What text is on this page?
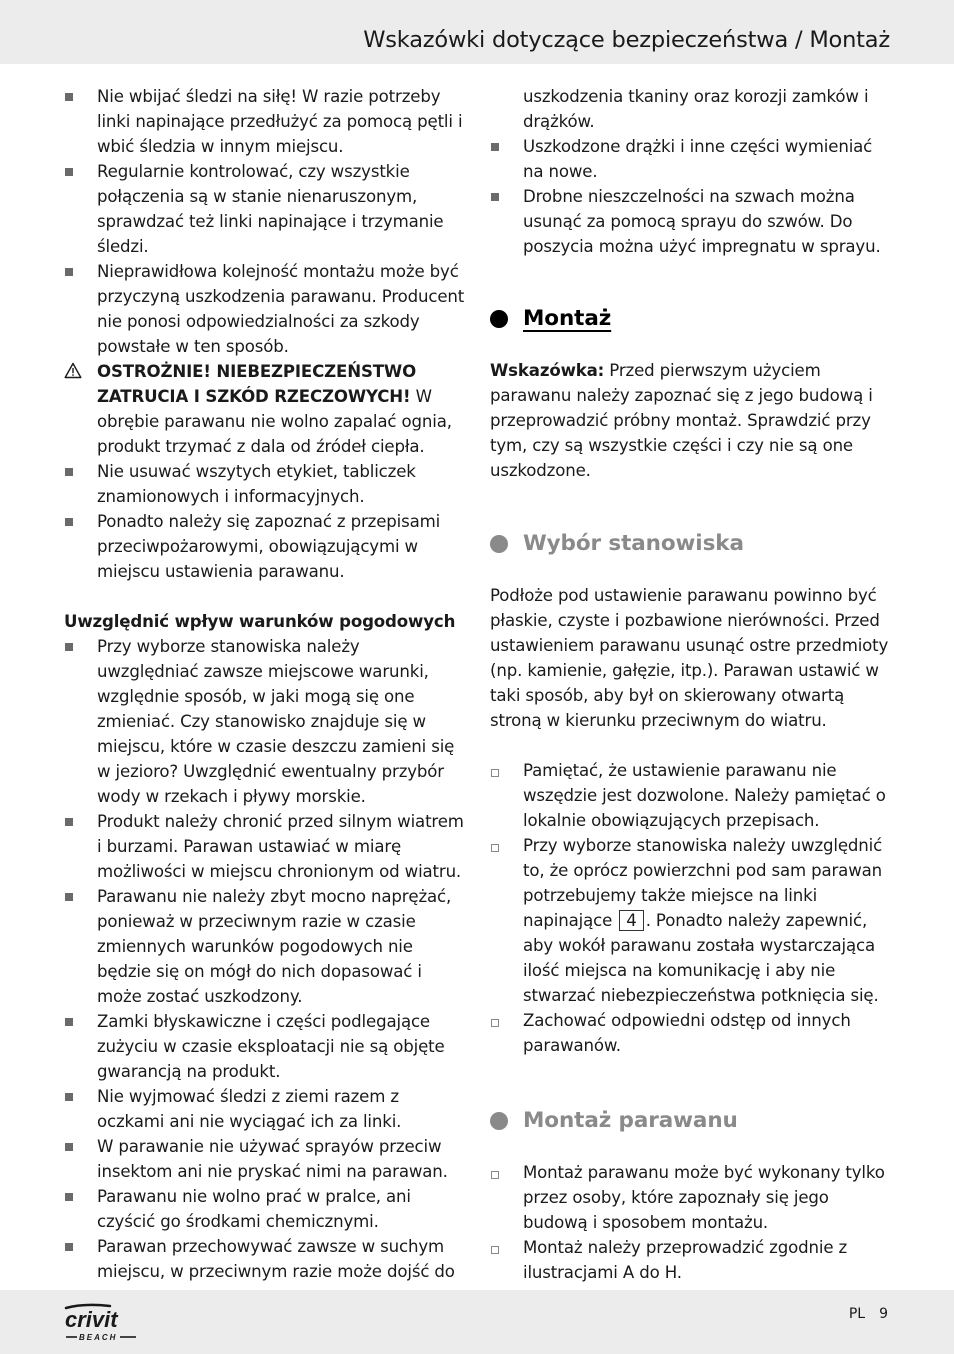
Wskazówki dotyczące bezpieczeństwa / Montaż
Nie wbijać śledzi na siłę! W razie potrzeby linki napinające przedłużyć za pomocą pętli i wbić śledzia w innym miejscu.
Regularnie kontrolować, czy wszystkie połączenia są w stanie nienaruszonym, sprawdzać też linki napinające i trzymanie śledzi.
Nieprawidłowa kolejność montażu może być przyczyną uszkodzenia parawanu. Producent nie ponosi odpowiedzialności za szkody powstałe w ten sposób.
OSTROŻNIE! NIEBEZPIECZEŃSTWO ZATRUCIA I SZKÓD RZECZOWYCH! W obrębie parawanu nie wolno zapalać ognia, produkt trzymać z dala od źródeł ciepła.
Nie usuwać wszytych etykiet, tabliczek znamionowych i informacyjnych.
Ponadto należy się zapoznać z przepisami przeciwpożarowymi, obowiązującymi w miejscu ustawienia parawanu.
Uwzględnić wpływ warunków pogodowych
Przy wyborze stanowiska należy uwzględniać zawsze miejscowe warunki, względnie sposób, w jaki mogą się one zmieniać. Czy stanowisko znajduje się w miejscu, które w czasie deszczu zamieni się w jezioro? Uwzględnić ewentualny przybór wody w rzekach i pływy morskie.
Produkt należy chronić przed silnym wiatrem i burzami. Parawan ustawiać w miarę możliwości w miejscu chronionym od wiatru.
Parawanu nie należy zbyt mocno naprężać, ponieważ w przeciwnym razie w czasie zmiennych warunków pogodowych nie będzie się on mógł do nich dopasować i może zostać uszkodzony.
Zamki błyskawiczne i części podlegające zużyciu w czasie eksploatacji nie są objęte gwarancją na produkt.
Nie wyjmować śledzi z ziemi razem z oczkami ani nie wyciągać ich za linki.
W parawanie nie używać sprayów przeciw insektom ani nie pryskać nimi na parawan.
Parawanu nie wolno prać w pralce, ani czyścić go środkami chemicznymi.
Parawan przechowywać zawsze w suchym miejscu, w przeciwnym razie może dojść do
uszkodzenia tkaniny oraz korozji zamków i drążków.
Uszkodzone drążki i inne części wymieniać na nowe.
Drobne nieszczelności na szwach można usunąć za pomocą sprayu do szwów. Do poszycia można użyć impregnatu w sprayu.
Montaż
Wskazówka: Przed pierwszym użyciem parawanu należy zapoznać się z jego budową i przeprowadzić próbny montaż. Sprawdzić przy tym, czy są wszystkie części i czy nie są one uszkodzone.
Wybór stanowiska
Podłoże pod ustawienie parawanu powinno być płaskie, czyste i pozbawione nierówności. Przed ustawieniem parawanu usunąć ostre przedmioty (np. kamienie, gałęzie, itp.). Parawan ustawić w taki sposób, aby był on skierowany otwartą stroną w kierunku przeciwnym do wiatru.
Pamiętać, że ustawienie parawanu nie wszędzie jest dozwolone. Należy pamiętać o lokalnie obowiązujących przepisach.
Przy wyborze stanowiska należy uwzględnić to, że oprócz powierzchni pod sam parawan potrzebujemy także miejsce na linki napinające 4 . Ponadto należy zapewnić, aby wokół parawanu została wystarczająca ilość miejsca na komunikację i aby nie stwarzać niebezpieczeństwa potknięcia się.
Zachować odpowiedni odstęp od innych parawanów.
Montaż parawanu
Montaż parawanu może być wykonany tylko przez osoby, które zapoznały się jego budową i sposobem montażu.
Montaż należy przeprowadzić zgodnie z ilustracjami A do H.
crivit
BEACH
PL 9
